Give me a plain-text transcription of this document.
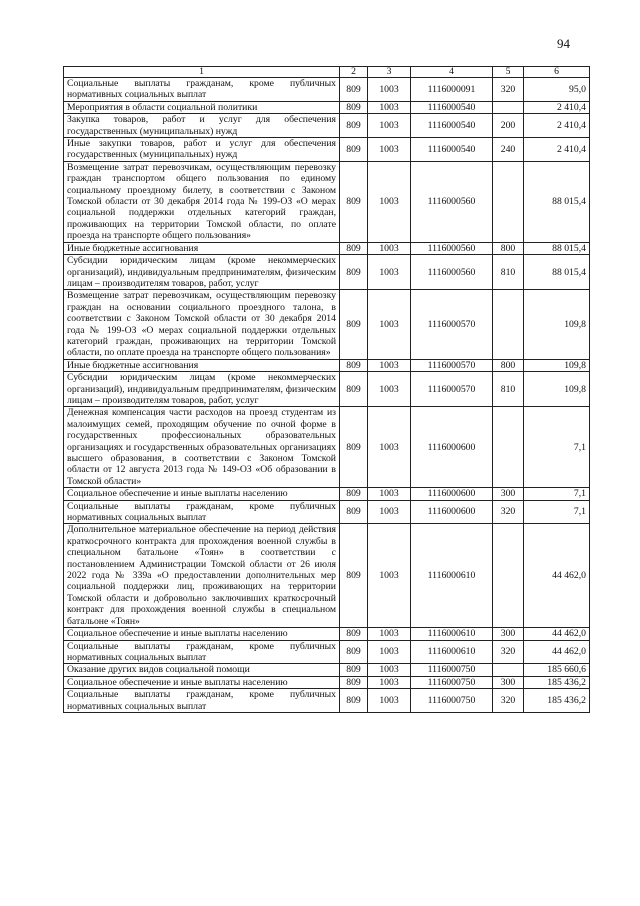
94
1	2	3	4	5	6
Социальные выплаты гражданам, кроме публичных нормативных социальных выплат	809	1003	1116000091	320	95,0
Мероприятия в области социальной политики	809	1003	1116000540		2 410,4
Закупка товаров, работ и услуг для обеспечения государственных (муниципальных) нужд	809	1003	1116000540	200	2 410,4
Иные закупки товаров, работ и услуг для обеспечения государственных (муниципальных) нужд	809	1003	1116000540	240	2 410,4
Возмещение затрат перевозчикам, осуществляющим перевозку граждан транспортом общего пользования по единому социальному проездному билету, в соответствии с Законом Томской области от 30 декабря 2014 года № 199-ОЗ «О мерах социальной поддержки отдельных категорий граждан, проживающих на территории Томской области, по оплате проезда на транспорте общего пользования»	809	1003	1116000560		88 015,4
Иные бюджетные ассигнования	809	1003	1116000560	800	88 015,4
Субсидии юридическим лицам (кроме некоммерческих организаций), индивидуальным предпринимателям, физическим лицам – производителям товаров, работ, услуг	809	1003	1116000560	810	88 015,4
Возмещение затрат перевозчикам, осуществляющим перевозку граждан на основании социального проездного талона, в соответствии с Законом Томской области от 30 декабря 2014 года № 199-ОЗ «О мерах социальной поддержки отдельных категорий граждан, проживающих на территории Томской области, по оплате проезда на транспорте общего пользования»	809	1003	1116000570		109,8
Иные бюджетные ассигнования	809	1003	1116000570	800	109,8
Субсидии юридическим лицам (кроме некоммерческих организаций), индивидуальным предпринимателям, физическим лицам – производителям товаров, работ, услуг	809	1003	1116000570	810	109,8
Денежная компенсация части расходов на проезд студентам из малоимущих семей, проходящим обучение по очной форме в государственных профессиональных образовательных организациях и государственных образовательных организациях высшего образования, в соответствии с Законом Томской области от 12 августа 2013 года № 149-ОЗ «Об образовании в Томской области»	809	1003	1116000600		7,1
Социальное обеспечение и иные выплаты населению	809	1003	1116000600	300	7,1
Социальные выплаты гражданам, кроме публичных нормативных социальных выплат	809	1003	1116000600	320	7,1
Дополнительное материальное обеспечение на период действия краткосрочного контракта для прохождения военной службы в специальном батальоне «Тоян» в соответствии с постановлением Администрации Томской области от 26 июля 2022 года № 339а «О предоставлении дополнительных мер социальной поддержки лиц, проживающих на территории Томской области и добровольно заключивших краткосрочный контракт для прохождения военной службы в специальном батальоне «Тоян»	809	1003	1116000610		44 462,0
Социальное обеспечение и иные выплаты населению	809	1003	1116000610	300	44 462,0
Социальные выплаты гражданам, кроме публичных нормативных социальных выплат	809	1003	1116000610	320	44 462,0
Оказание других видов социальной помощи	809	1003	1116000750		185 660,6
Социальное обеспечение и иные выплаты населению	809	1003	1116000750	300	185 436,2
Социальные выплаты гражданам, кроме публичных нормативных социальных выплат	809	1003	1116000750	320	185 436,2
